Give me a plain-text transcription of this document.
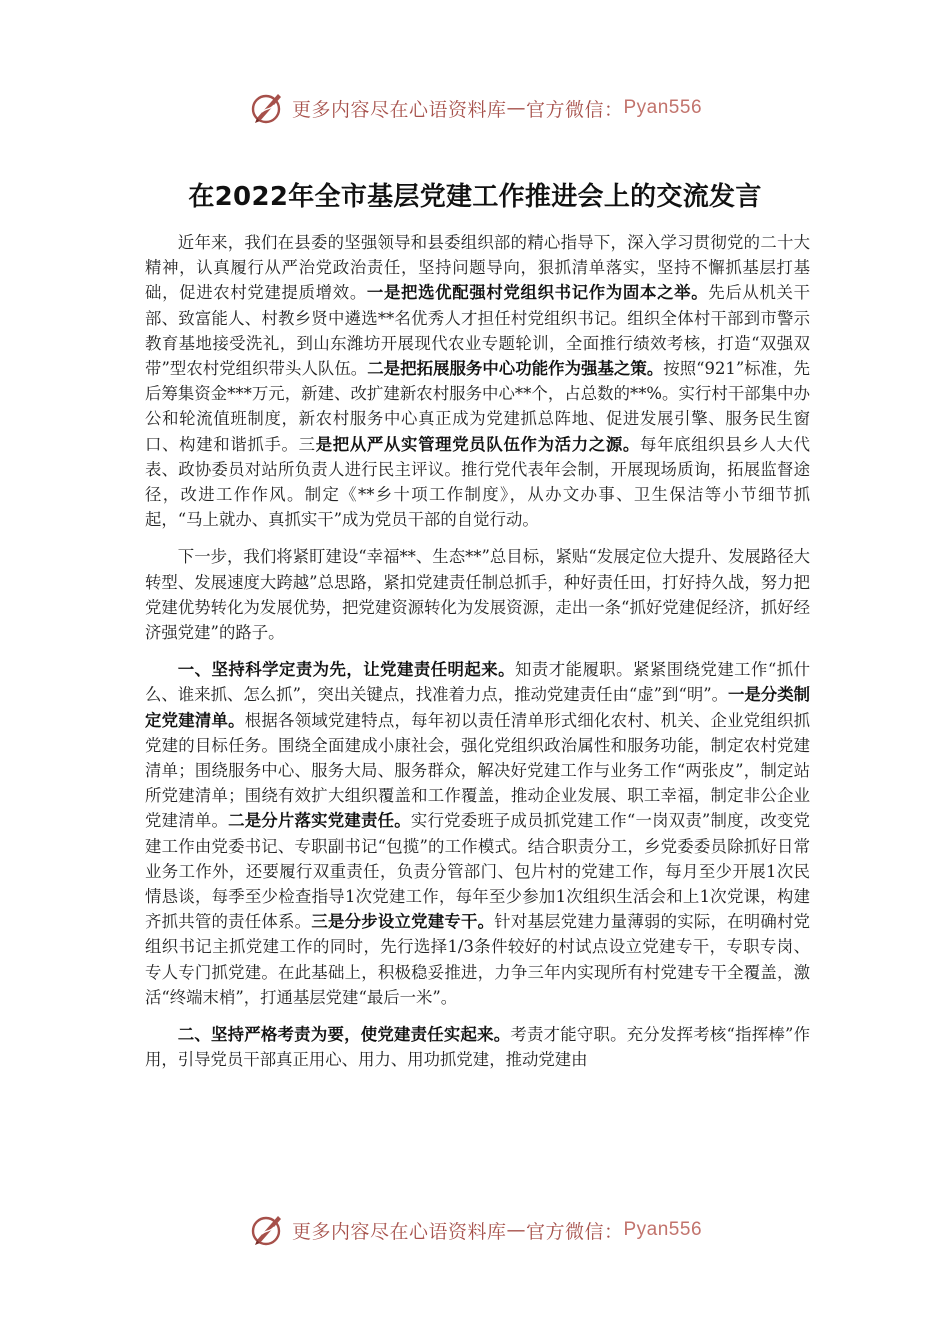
更多内容尽在心语资料库 — 官方微信： Pyan556
在2022年全市基层党建工作推进会上的交流发言

近年来，我们在县委的坚强领导和县委组织部的精心指导下，深入学习贯彻党的二十大精神，认真履行从严治党政治责任，坚持问题导向，狠抓清单落实，坚持不懈抓基层打基础，促进农村党建提质增效。一是把选优配强村党组织书记作为固本之举。先后从机关干部、致富能人、村教乡贤中遴选**名优秀人才担任村党组织书记。组织全体村干部到市警示教育基地接受洗礼，到山东潍坊开展现代农业专题轮训，全面推行绩效考核，打造“双强双带”型农村党组织带头人队伍。二是把拓展服务中心功能作为强基之策。按照“921”标准，先后筹集资金***万元，新建、改扩建新农村服务中心**个，占总数的**%。实行村干部集中办公和轮流值班制度，新农村服务中心真正成为党建抓总阵地、促进发展引擎、服务民生窗口、构建和谐抓手。三是把从严从实管理党员队伍作为活力之源。每年底组织县乡人大代表、政协委员对站所负责人进行民主评议。推行党代表年会制，开展现场质询，拓展监督途径，改进工作作风。制定《**乡十项工作制度》，从办文办事、卫生保洁等小节细节抓起，“马上就办、真抓实干”成为党员干部的自觉行动。

下一步，我们将紧盯建设“幸福**、生态**”总目标，紧贴“发展定位大提升、发展路径大转型、发展速度大跨越”总思路，紧扣党建责任制总抓手，种好责任田，打好持久战，努力把党建优势转化为发展优势，把党建资源转化为发展资源，走出一条“抓好党建促经济，抓好经济强党建”的路子。

一、坚持科学定责为先，让党建责任明起来。知责才能履职。紧紧围绕党建工作“抓什么、谁来抓、怎么抓”，突出关键点，找准着力点，推动党建责任由“虚”到“明”。一是分类制定党建清单。根据各领域党建特点，每年初以责任清单形式细化农村、机关、企业党组织抓党建的目标任务。围绕全面建成小康社会，强化党组织政治属性和服务功能，制定农村党建清单；围绕服务中心、服务大局、服务群众，解决好党建工作与业务工作“两张皮”，制定站所党建清单；围绕有效扩大组织覆盖和工作覆盖，推动企业发展、职工幸福，制定非公企业党建清单。二是分片落实党建责任。实行党委班子成员抓党建工作“一岗双责”制度，改变党建工作由党委书记、专职副书记“包揽”的工作模式。结合职责分工，乡党委委员除抓好日常业务工作外，还要履行双重责任，负责分管部门、包片村的党建工作，每月至少开展1次民情恳谈，每季至少检查指导1次党建工作，每年至少参加1次组织生活会和上1次党课，构建齐抓共管的责任体系。三是分步设立党建专干。针对基层党建力量薄弱的实际，在明确村党组织书记主抓党建工作的同时，先行选择1/3条件较好的村试点设立党建专干，专职专岗、专人专门抓党建。在此基础上，积极稳妥推进，力争三年内实现所有村党建专干全覆盖，激活“终端末梢”，打通基层党建“最后一米”。

二、坚持严格考责为要，使党建责任实起来。考责才能守职。充分发挥考核“指挥棒”作用，引导党员干部真正用心、用力、用功抓党建，推动党建由

更多内容尽在心语资料库 — 官方微信： Pyan556
